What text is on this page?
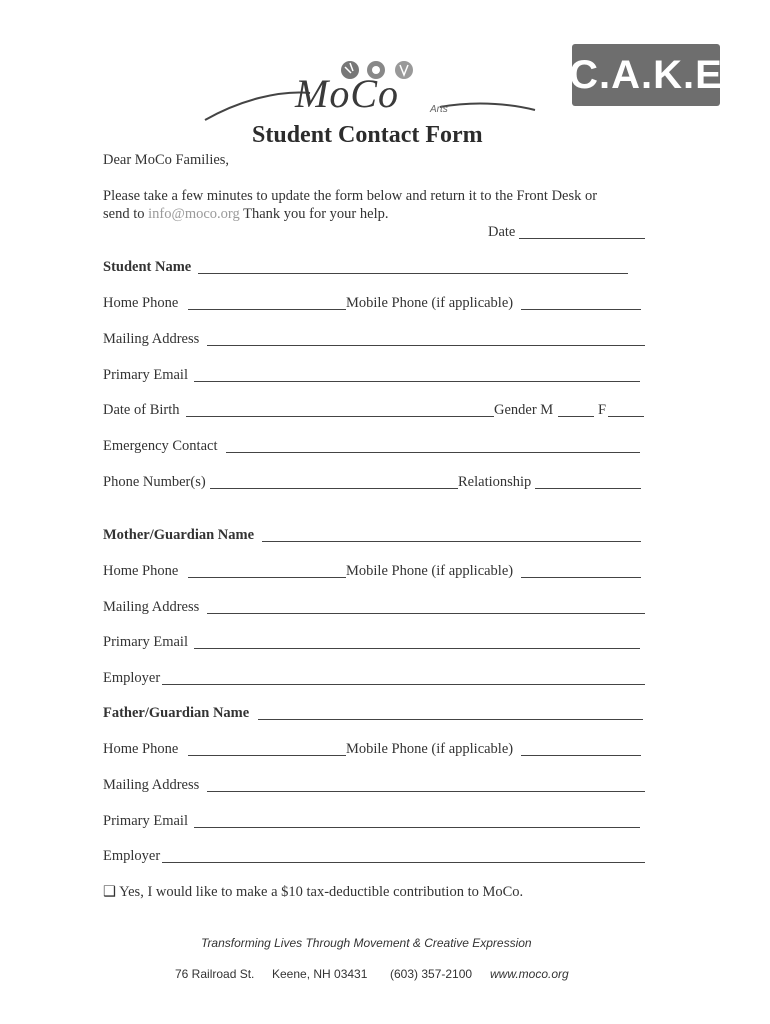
MoCo	Arts
C.A.K.E
Student Contact Form
Dear MoCo Families,
Please take a few minutes to update the form below and return it to the Front Desk or
send to info@moco.org Thank you for your help.
Date
Student Name
Home Phone	Mobile Phone (if applicable)
Mailing Address
Primary Email
Date of Birth	Gender M	F
Emergency Contact
Phone Number(s)	Relationship
Mother/Guardian Name
Home Phone	Mobile Phone (if applicable)
Mailing Address
Primary Email
Employer
Father/Guardian Name
Home Phone	Mobile Phone (if applicable)
Mailing Address
Primary Email
Employer
❑ Yes, I would like to make a $10 tax-deductible contribution to MoCo.
Transforming Lives Through Movement & Creative Expression
76 Railroad St. Keene, NH 03431 (603) 357-2100 www.moco.org
